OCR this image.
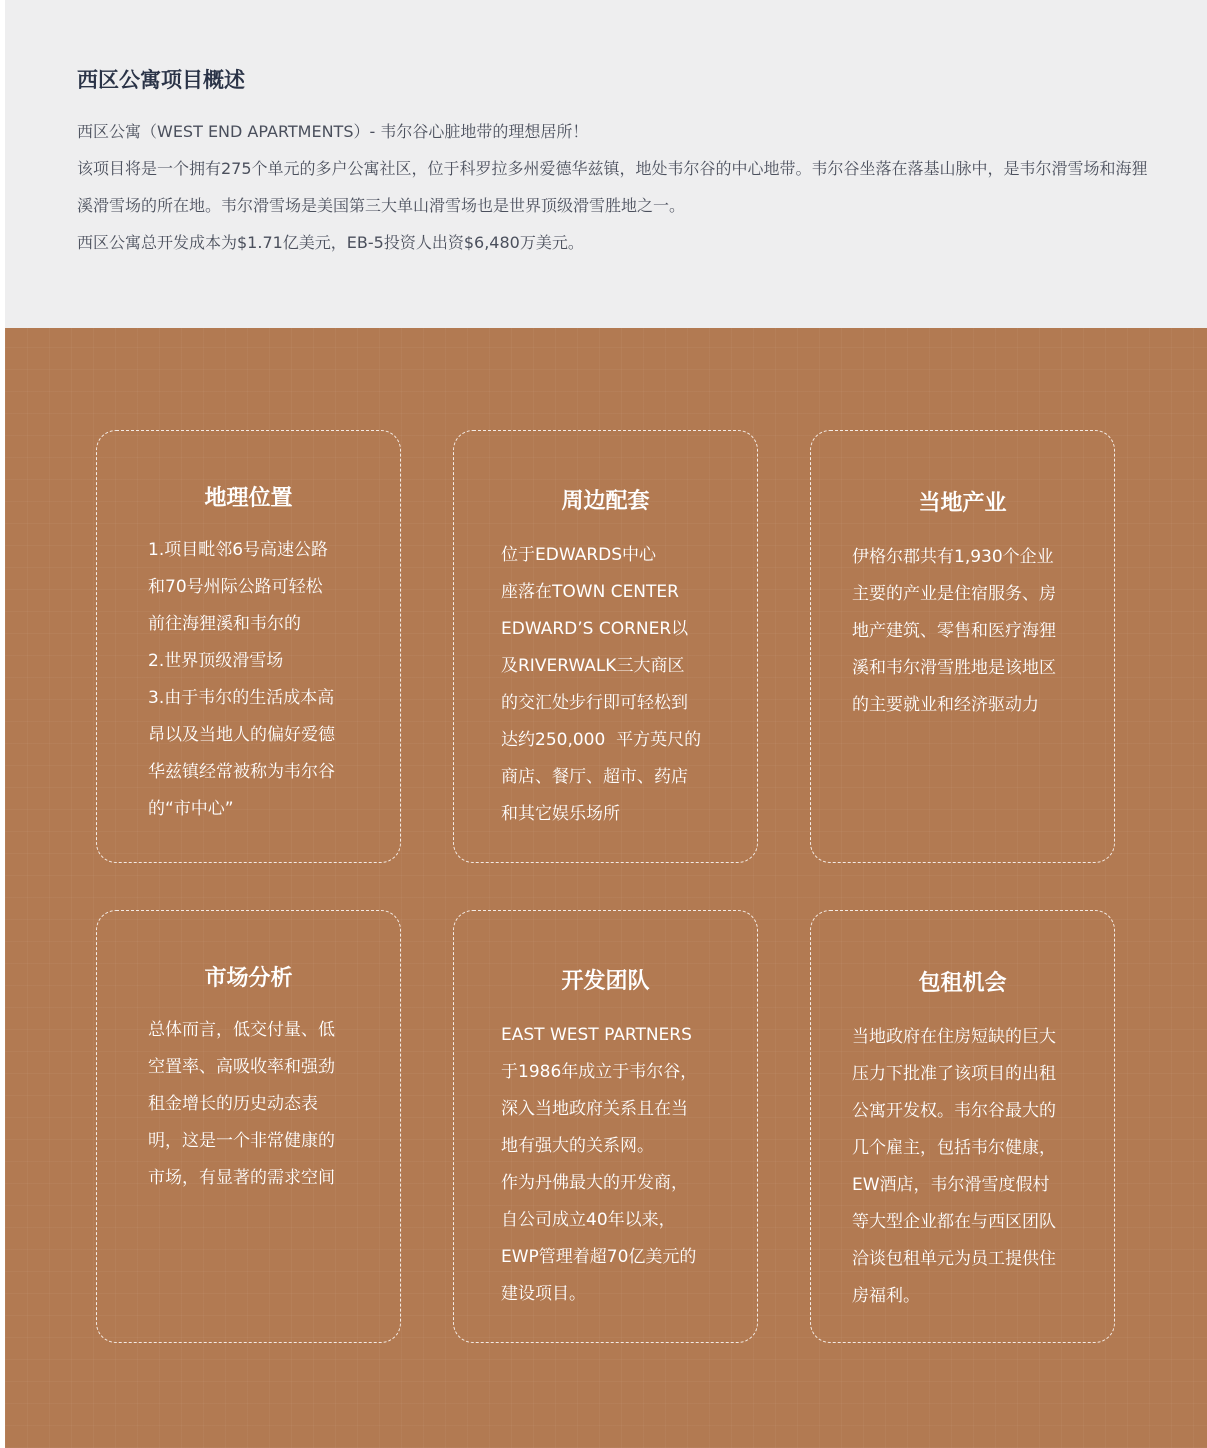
西区公寓项目概述

西区公寓（WEST END APARTMENTS）- 韦尔谷心脏地带的理想居所！

该项目将是一个拥有275个单元的多户公寓社区，位于科罗拉多州爱德华兹镇，地处韦尔谷的中心地带。韦尔谷坐落在落基山脉中，是韦尔滑雪场和海狸溪滑雪场的所在地。韦尔滑雪场是美国第三大单山滑雪场也是世界顶级滑雪胜地之一。

西区公寓总开发成本为$1.71亿美元，EB-5投资人出资$6,480万美元。

地理位置
1.项目毗邻6号高速公路
和70号州际公路可轻松
前往海狸溪和韦尔的
2.世界顶级滑雪场
3.由于韦尔的生活成本高
昂以及当地人的偏好爱德
华兹镇经常被称为韦尔谷
的“市中心”
周边配套
位于EDWARDS中心
座落在TOWN CENTER
EDWARD’S CORNER以
及RIVERWALK三大商区
的交汇处步行即可轻松到
达约250,000  平方英尺的
商店、餐厅、超市、药店
和其它娱乐场所
当地产业
伊格尔郡共有1,930个企业
主要的产业是住宿服务、房
地产建筑、零售和医疗海狸
溪和韦尔滑雪胜地是该地区
的主要就业和经济驱动力
市场分析
总体而言，低交付量、低
空置率、高吸收率和强劲
租金增长的历史动态表
明，这是一个非常健康的
市场，有显著的需求空间
开发团队
EAST WEST PARTNERS
于1986年成立于韦尔谷，
深入当地政府关系且在当
地有强大的关系网。
作为丹佛最大的开发商，
自公司成立40年以来，
EWP管理着超70亿美元的
建设项目。
包租机会
当地政府在住房短缺的巨大
压力下批准了该项目的出租
公寓开发权。韦尔谷最大的
几个雇主，包括韦尔健康，
EW酒店，韦尔滑雪度假村
等大型企业都在与西区团队
洽谈包租单元为员工提供住
房福利。
